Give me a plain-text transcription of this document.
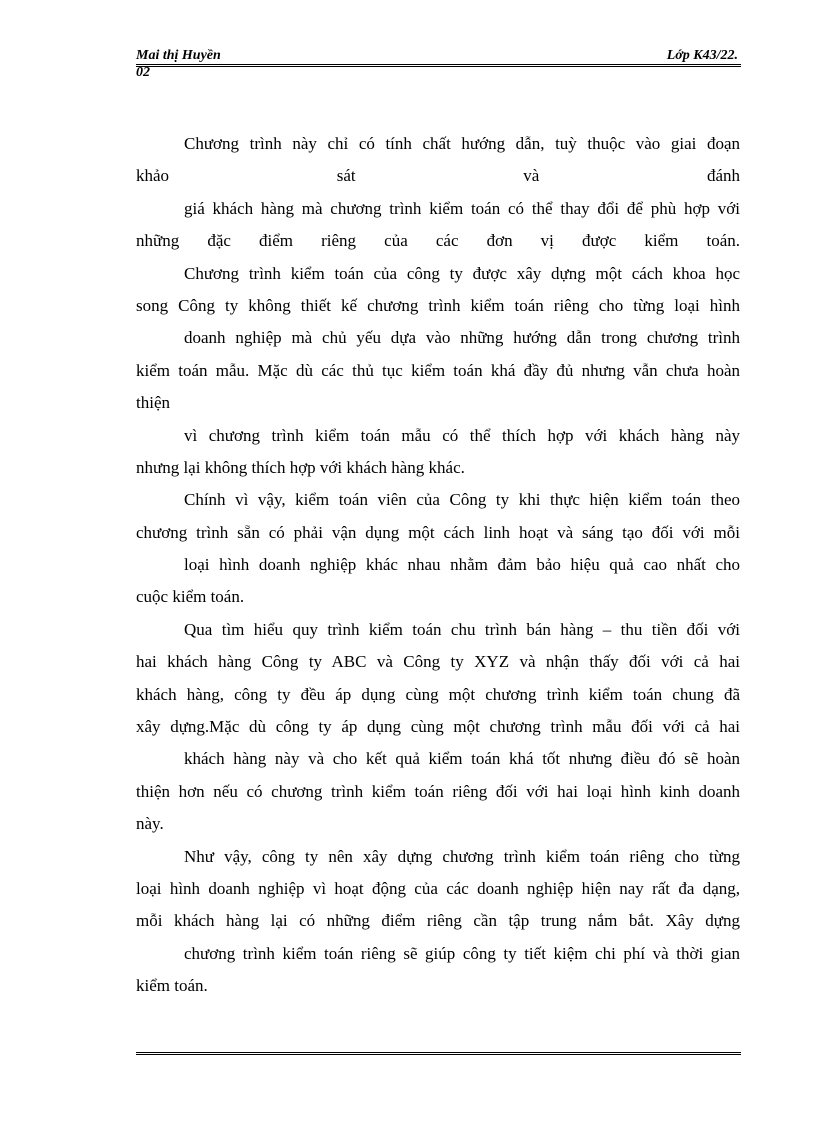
Mai thị Huyền	Lớp K43/22.
02
Chương trình này chỉ có tính chất hướng dẫn, tuỳ thuộc vào giai đoạn
khảo sát và đánh
giá khách hàng mà chương trình kiểm toán có thể thay đổi để phù hợp với
những đặc điểm riêng của các đơn vị được kiểm toán.
Chương trình kiểm toán của công ty được xây dựng một cách khoa học
song Công ty không thiết kế chương trình kiểm toán riêng cho từng loại hình
doanh nghiệp mà chủ yếu dựa vào những hướng dẫn trong chương trình
kiểm toán mẫu. Mặc dù các thủ tục kiểm toán khá đầy đủ nhưng vẫn chưa hoàn
thiện
vì chương trình kiểm toán mẫu có thể thích hợp với khách hàng này
nhưng lại không thích hợp với khách hàng khác.
Chính vì vậy, kiểm toán viên của Công ty khi thực hiện kiểm toán theo
chương trình sẵn có phải vận dụng một cách linh hoạt và sáng tạo đối với mỗi
loại hình doanh nghiệp khác nhau nhằm đảm bảo hiệu quả cao nhất cho
cuộc kiểm toán.
Qua tìm hiểu quy trình kiểm toán chu trình bán hàng – thu tiền đối với
hai khách hàng Công ty ABC và Công ty XYZ và nhận thấy đối với cả hai
khách hàng, công ty đều áp dụng cùng một chương trình kiểm toán chung đã
xây dựng.Mặc dù công ty áp dụng cùng một chương trình mẫu đối với cả hai
khách hàng này và cho kết quả kiểm toán khá tốt nhưng điều đó sẽ hoàn
thiện hơn nếu có chương trình kiểm toán riêng đối với hai loại hình kinh doanh
này.
Như vậy, công ty nên xây dựng chương trình kiểm toán riêng cho từng
loại hình doanh nghiệp vì hoạt động của các doanh nghiệp hiện nay rất đa dạng,
mỗi khách hàng lại có những điểm riêng cần tập trung nắm bắt. Xây dựng
chương trình kiểm toán riêng sẽ giúp công ty tiết kiệm chi phí và thời gian
kiểm toán.
